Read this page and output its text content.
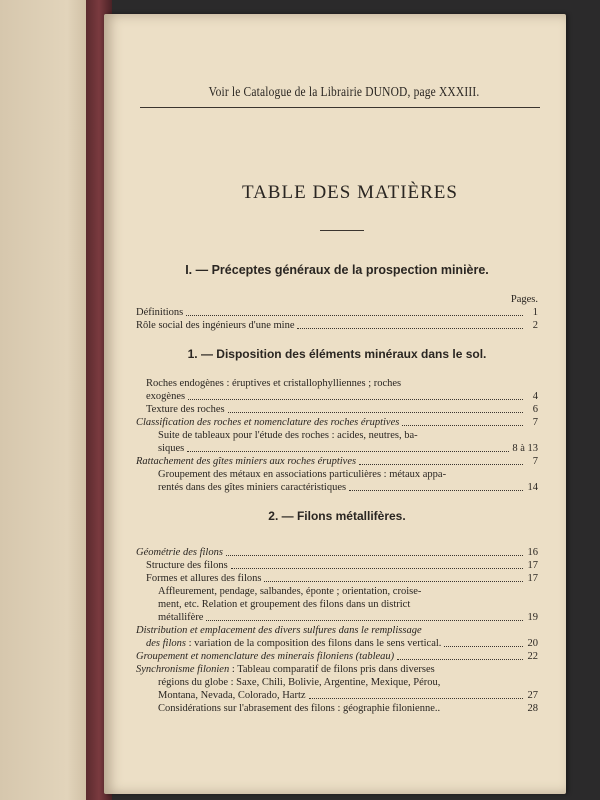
Voir le Catalogue de la Librairie DUNOD, page XXXIII.
TABLE DES MATIÈRES
I. — Préceptes généraux de la prospection minière.
Pages.
Définitions	1
Rôle social des ingénieurs d'une mine	2
1. — Disposition des éléments minéraux dans le sol.
Roches endogènes : éruptives et cristallophylliennes ; roches
exogènes	4
Texture des roches	6
Classification des roches et nomenclature des roches éruptives	7
Suite de tableaux pour l'étude des roches : acides, neutres, ba-
siques	8 à 13
Rattachement des gîtes miniers aux roches éruptives	7
Groupement des métaux en associations particulières : métaux appa-
rentés dans des gîtes miniers caractéristiques	14
2. — Filons métallifères.
Géométrie des filons	16
Structure des filons	17
Formes et allures des filons	17
Affleurement, pendage, salbandes, éponte ; orientation, croise-
ment, etc. Relation et groupement des filons dans un district
métallifère	19
Distribution et emplacement des divers sulfures dans le remplissage
des filons : variation de la composition des filons dans le sens vertical.	20
Groupement et nomenclature des minerais filoniens (tableau)	22
Synchronisme filonien : Tableau comparatif de filons pris dans diverses
régions du globe : Saxe, Chili, Bolivie, Argentine, Mexique, Pérou,
Montana, Nevada, Colorado, Hartz	27
Considérations sur l'abrasement des filons : géographie filonienne..	28
